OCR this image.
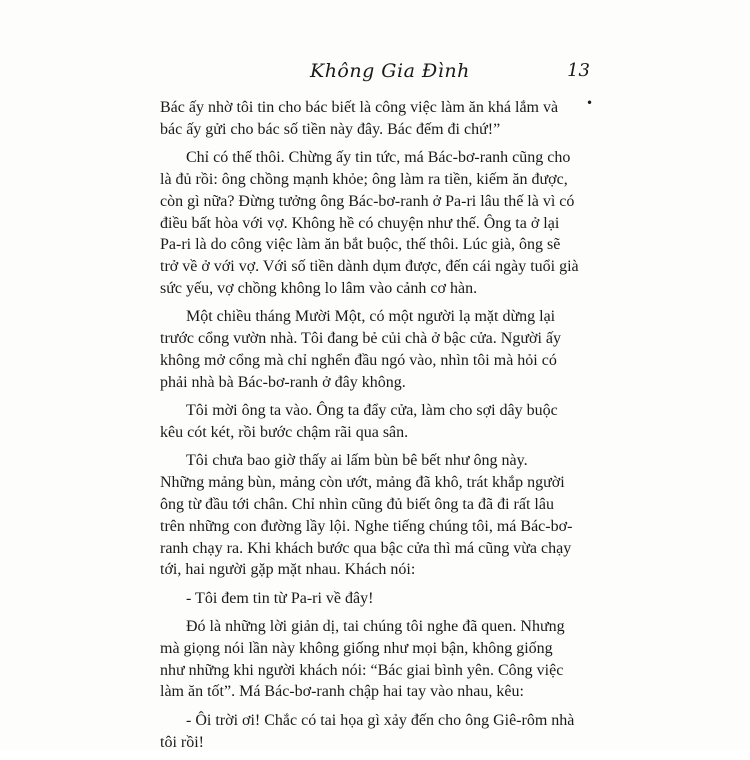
Không Gia Đình	13
•

Bác ấy nhờ tôi tin cho bác biết là công việc làm ăn khá lắm và
bác ấy gửi cho bác số tiền này đây. Bác đếm đi chứ!”

Chỉ có thế thôi. Chừng ấy tin tức, má Bác-bơ-ranh cũng cho
là đủ rồi: ông chồng mạnh khỏe; ông làm ra tiền, kiếm ăn được,
còn gì nữa? Đừng tưởng ông Bác-bơ-ranh ở Pa-ri lâu thế là vì có
điều bất hòa với vợ. Không hề có chuyện như thế. Ông ta ở lại
Pa-ri là do công việc làm ăn bắt buộc, thế thôi. Lúc già, ông sẽ
trở về ở với vợ. Với số tiền dành dụm được, đến cái ngày tuổi già
sức yếu, vợ chồng không lo lâm vào cảnh cơ hàn.

Một chiều tháng Mười Một, có một người lạ mặt dừng lại
trước cổng vườn nhà. Tôi đang bẻ củi chà ở bậc cửa. Người ấy
không mở cổng mà chỉ nghển đầu ngó vào, nhìn tôi mà hỏi có
phải nhà bà Bác-bơ-ranh ở đây không.

Tôi mời ông ta vào. Ông ta đẩy cửa, làm cho sợi dây buộc
kêu cót két, rồi bước chậm rãi qua sân.

Tôi chưa bao giờ thấy ai lấm bùn bê bết như ông này.
Những mảng bùn, mảng còn ướt, mảng đã khô, trát khắp người
ông từ đầu tới chân. Chỉ nhìn cũng đủ biết ông ta đã đi rất lâu
trên những con đường lầy lội. Nghe tiếng chúng tôi, má Bác-bơ-
ranh chạy ra. Khi khách bước qua bậc cửa thì má cũng vừa chạy
tới, hai người gặp mặt nhau. Khách nói:

- Tôi đem tin từ Pa-ri về đây!

Đó là những lời giản dị, tai chúng tôi nghe đã quen. Nhưng
mà giọng nói lần này không giống như mọi bận, không giống
như những khi người khách nói: “Bác giai bình yên. Công việc
làm ăn tốt”. Má Bác-bơ-ranh chập hai tay vào nhau, kêu:

- Ôi trời ơi! Chắc có tai họa gì xảy đến cho ông Giê-rôm nhà
tôi rồi!
